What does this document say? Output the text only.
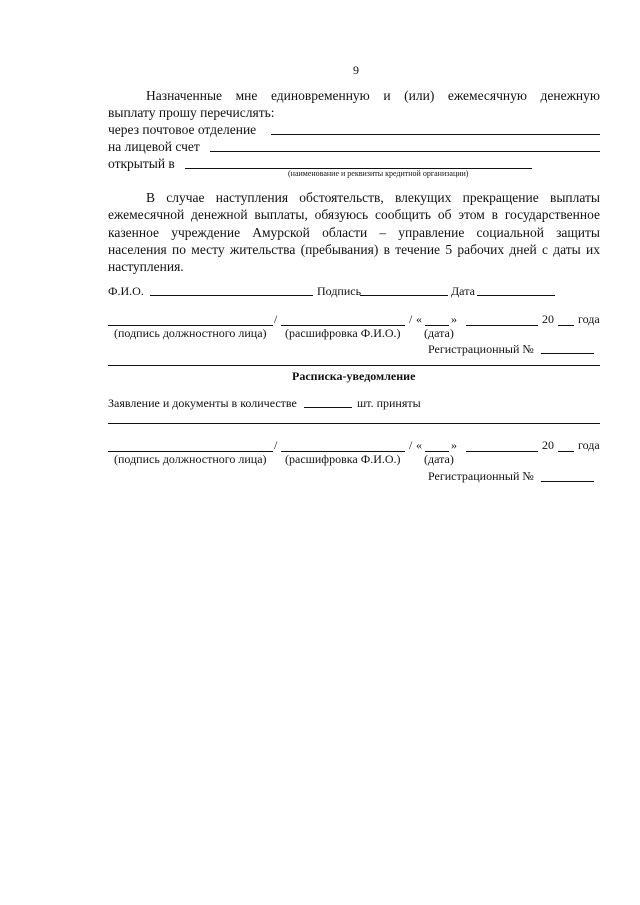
9
Назначенные мне единовременную и (или) ежемесячную денежную
выплату прошу перечислять:
через почтовое отделение
на лицевой счет
открытый в
(наименование и реквизиты кредитной организации)

В случае наступления обстоятельств, влекущих прекращение выплаты ежемесячной денежной выплаты, обязуюсь сообщить об этом в государственное казенное учреждение Амурской области – управление социальной защиты населения по месту жительства (пребывания) в течение 5 рабочих дней с даты их наступления.

Ф.И.О.	Подпись	Дата
/	/ « »	20 года
(подпись должностного лица) (расшифровка Ф.И.О.) (дата)
Регистрационный №
Расписка-уведомление
Заявление и документы в количестве	шт. приняты
/	/ « »	20 года
(подпись должностного лица) (расшифровка Ф.И.О.) (дата)
Регистрационный №
